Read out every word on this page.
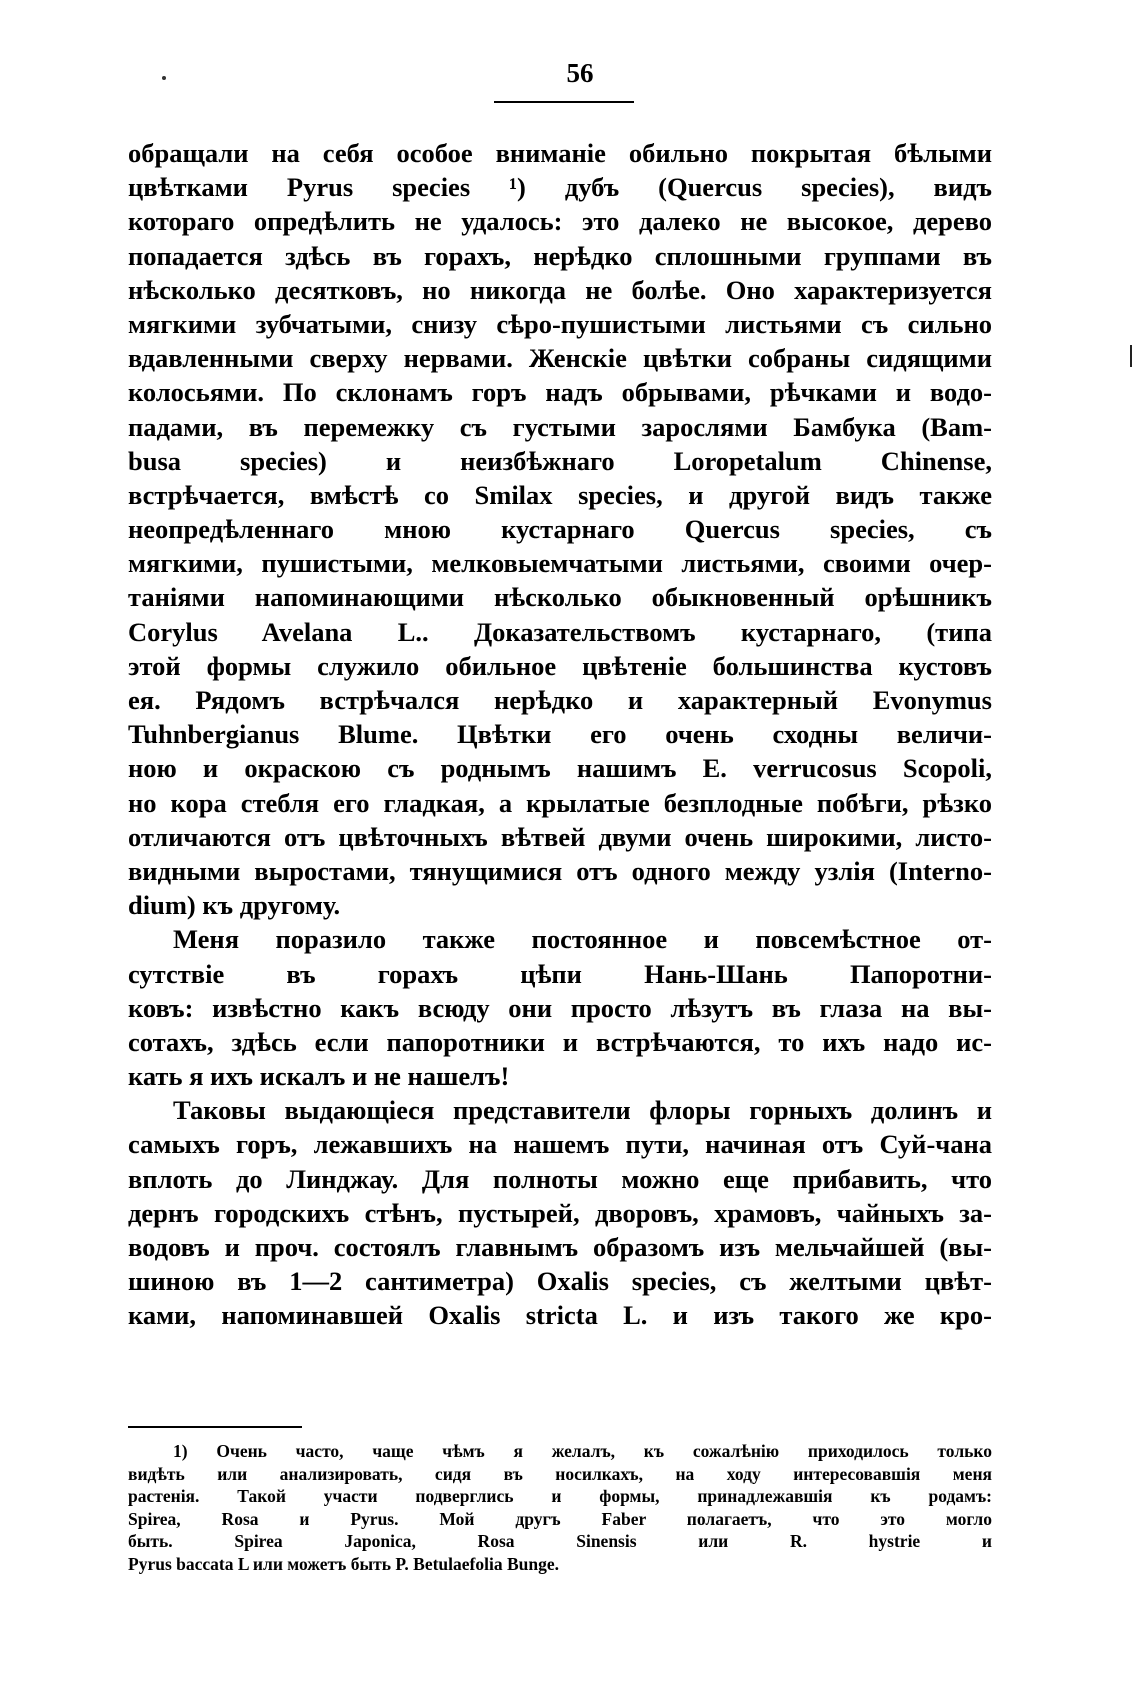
56
обращали на себя особое вниманіе обильно покрытая бѣлыми
цвѣтками Pyrus species ¹) дубъ (Quercus species), видъ
котораго опредѣлить не удалось: это далеко не высокое, дерево
попадается здѣсь въ горахъ, нерѣдко сплошными группами въ
нѣсколько десятковъ, но никогда не болѣе. Оно характеризуется
мягкими зубчатыми, снизу сѣро-пушистыми листьями съ сильно
вдавленными сверху нервами. Женскіе цвѣтки собраны сидящими
колосьями. По склонамъ горъ надъ обрывами, рѣчками и водо-
падами, въ перемежку съ густыми зарослями Бамбука (Bam-
busa species) и неизбѣжнаго Loropetalum Chinense,
встрѣчается, вмѣстѣ со Smilax species, и другой видъ также
неопредѣленнаго мною кустарнаго Quercus species, съ
мягкими, пушистыми, мелковыемчатыми листьями, своими очер-
таніями напоминающими нѣсколько обыкновенный орѣшникъ
Corylus Avelana L.. Доказательствомъ кустарнаго, (типа
этой формы служило обильное цвѣтеніе большинства кустовъ
ея. Рядомъ встрѣчался нерѣдко и характерный Evonymus
Tuhnbergianus Blume. Цвѣтки его очень сходны величи-
ною и окраскою съ роднымъ нашимъ E. verrucosus Scopoli,
но кора стебля его гладкая, а крылатые безплодные побѣги, рѣзко
отличаются отъ цвѣточныхъ вѣтвей двуми очень широкими, листо-
видными выростами, тянущимися отъ одного между узлія (Interno-
dium) къ другому.
Меня поразило также постоянное и повсемѣстное от-
сутствіе въ горахъ цѣпи Нань-Шань Папоротни-
ковъ: извѣстно какъ всюду они просто лѣзутъ въ глаза на вы-
сотахъ, здѣсь если папоротники и встрѣчаются, то ихъ надо ис-
кать я ихъ искалъ и не нашелъ!
Таковы выдающіеся представители флоры горныхъ долинъ и
самыхъ горъ, лежавшихъ на нашемъ пути, начиная отъ Суй-чана
вплоть до Линджау. Для полноты можно еще прибавить, что
дернъ городскихъ стѣнъ, пустырей, дворовъ, храмовъ, чайныхъ за-
водовъ и проч. состоялъ главнымъ образомъ изъ мельчайшей (вы-
шиною въ 1—2 сантиметра) Oxalis species, съ желтыми цвѣт-
ками, напоминавшей Oxalis stricta L. и изъ такого же кро-
1) Очень часто, чаще чѣмъ я желалъ, къ сожалѣнію приходилось только
видѣть или анализировать, сидя въ носилкахъ, на ходу интересовавшія меня
растенія. Такой участи подверглись и формы, принадлежавшія къ родамъ:
Spirea, Rosa и Pyrus. Мой другъ Faber полагаетъ, что это могло
быть. Spirea Japonica, Rosa Sinensis или R. hystrie и
Pyrus baccata L или можетъ быть P. Betulaefolia Bunge.
